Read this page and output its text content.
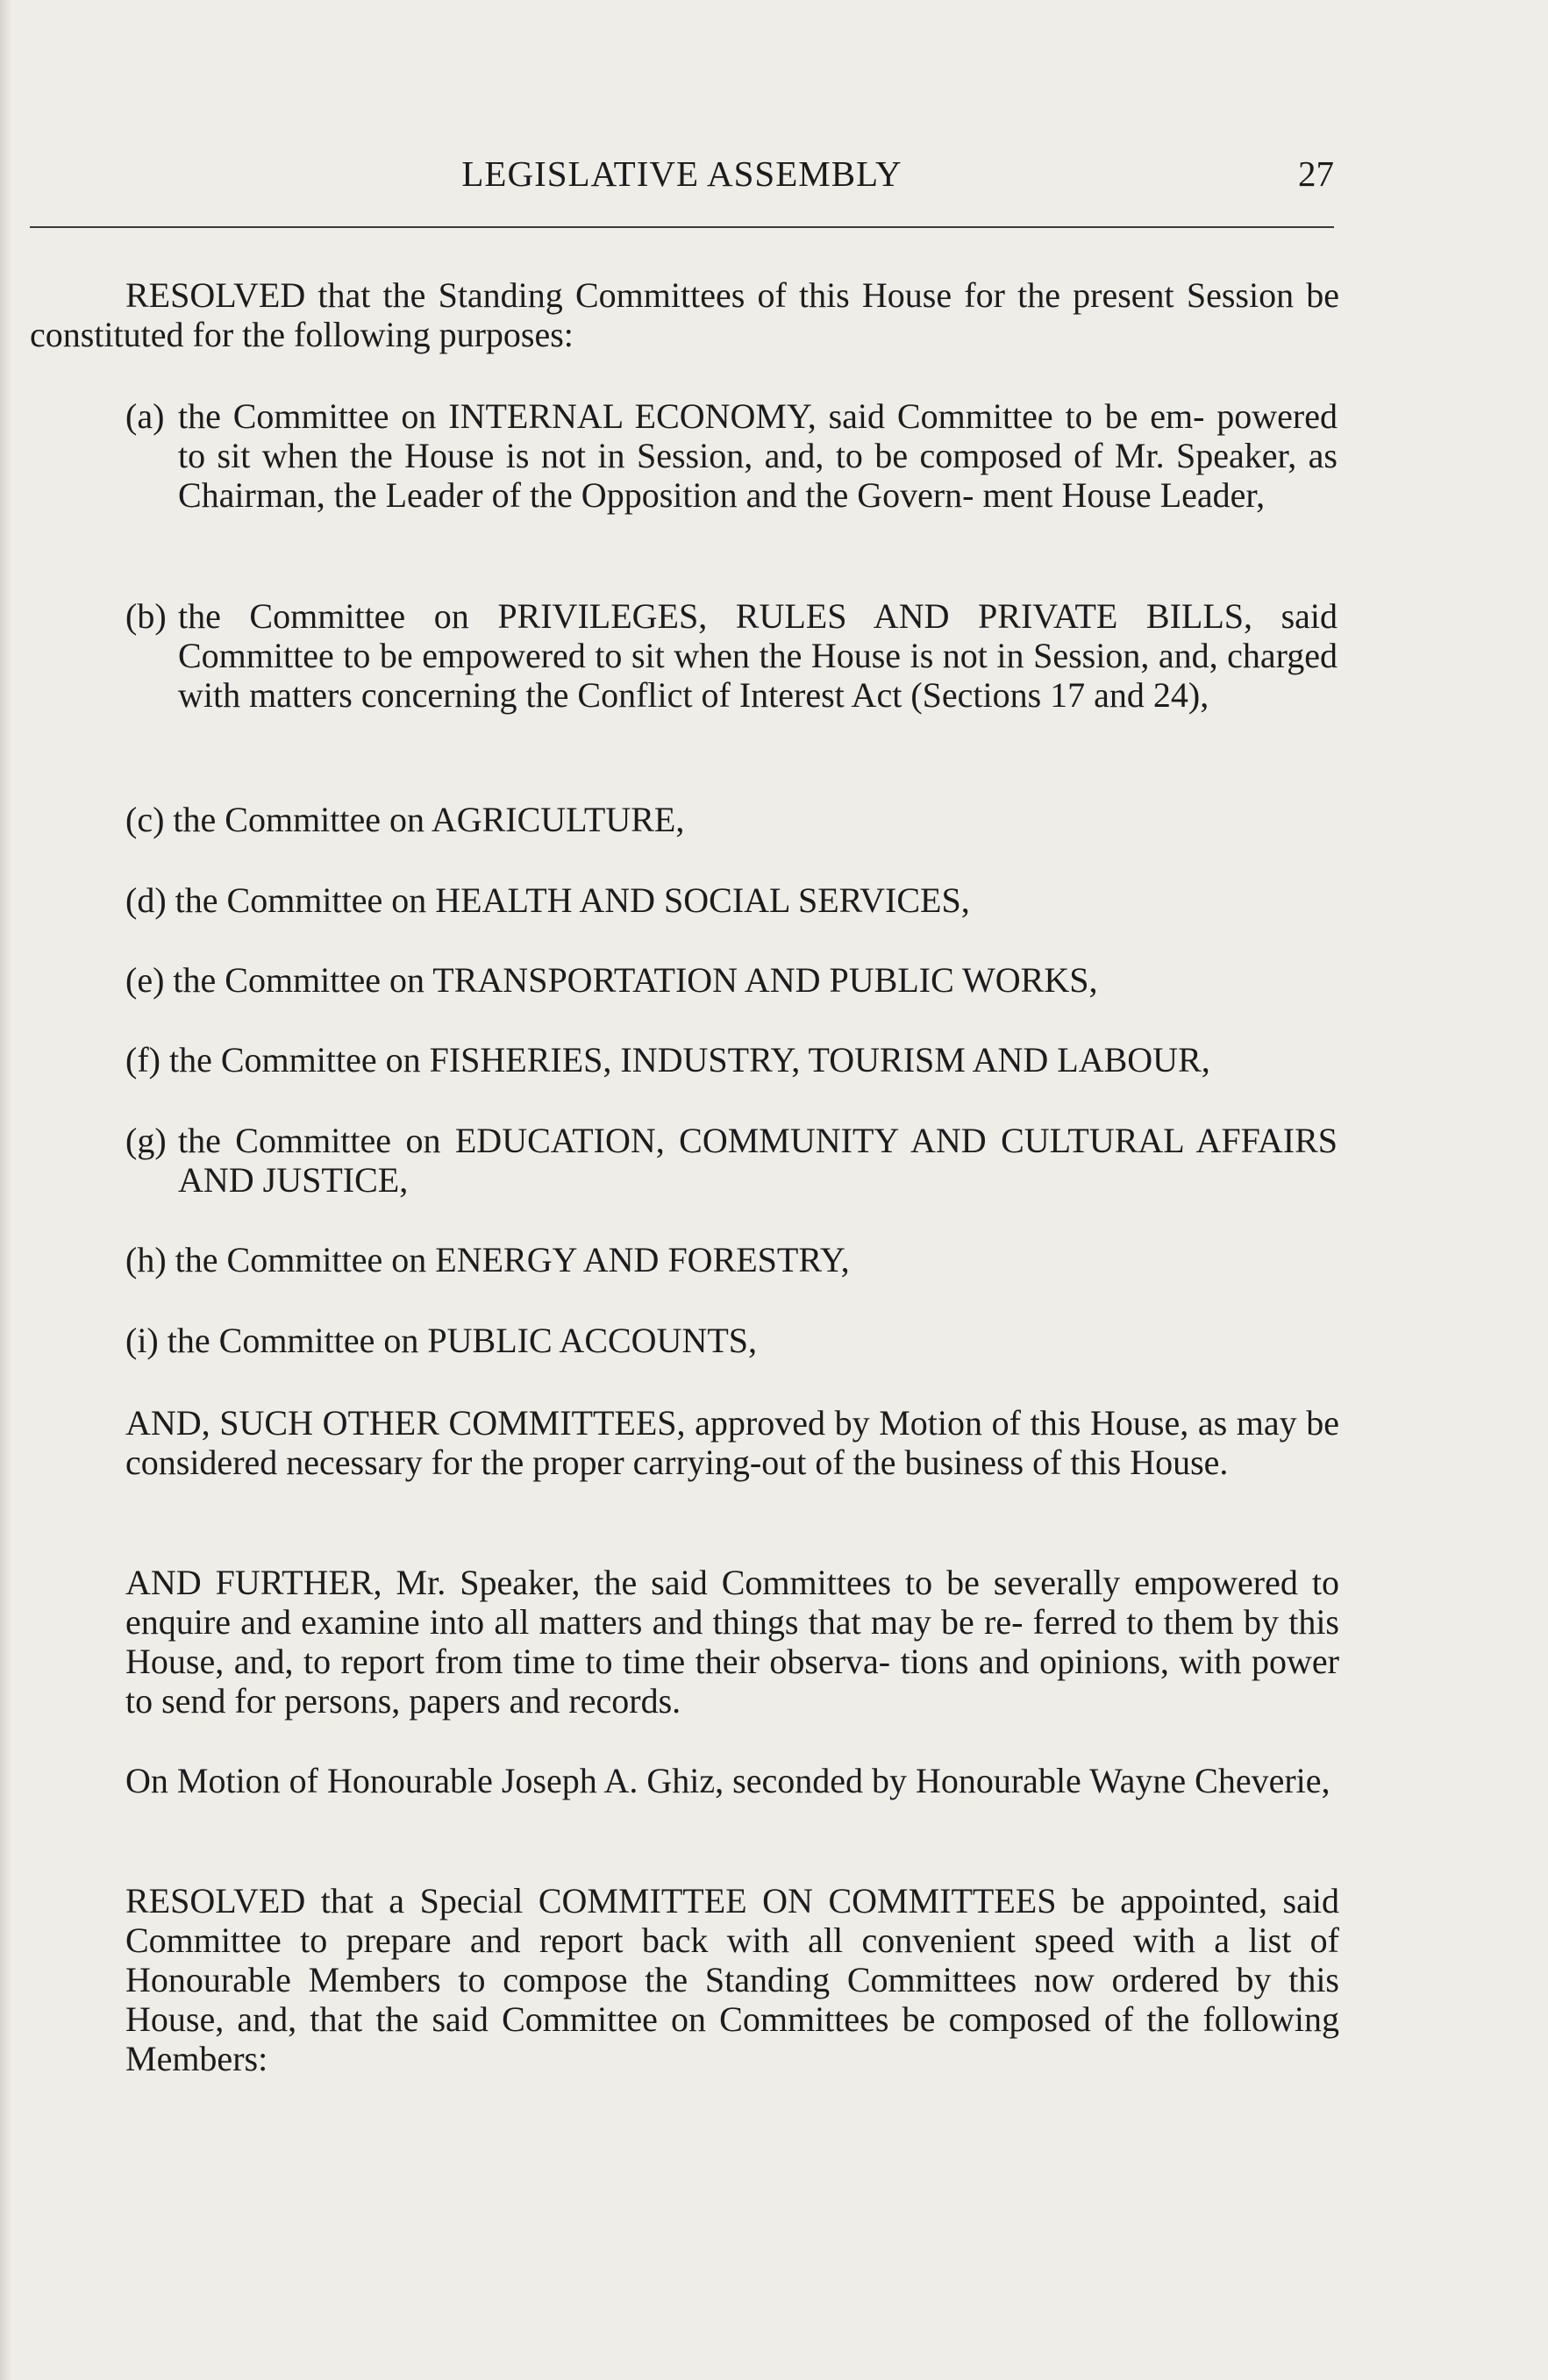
LEGISLATIVE ASSEMBLY	27
RESOLVED that the Standing Committees of this House for the present Session be constituted for the following purposes:
(a) the Committee on INTERNAL ECONOMY, said Committee to be em- powered to sit when the House is not in Session, and, to be composed of Mr. Speaker, as Chairman, the Leader of the Opposition and the Govern- ment House Leader,
(b) the Committee on PRIVILEGES, RULES AND PRIVATE BILLS, said Committee to be empowered to sit when the House is not in Session, and, charged with matters concerning the Conflict of Interest Act (Sections 17 and 24),
(c) the Committee on AGRICULTURE,
(d) the Committee on HEALTH AND SOCIAL SERVICES,
(e) the Committee on TRANSPORTATION AND PUBLIC WORKS,
(f) the Committee on FISHERIES, INDUSTRY, TOURISM AND LABOUR,
(g) the Committee on EDUCATION, COMMUNITY AND CULTURAL AFFAIRS AND JUSTICE,
(h) the Committee on ENERGY AND FORESTRY,
(i) the Committee on PUBLIC ACCOUNTS,
AND, SUCH OTHER COMMITTEES, approved by Motion of this House, as may be considered necessary for the proper carrying-out of the business of this House.
AND FURTHER, Mr. Speaker, the said Committees to be severally empowered to enquire and examine into all matters and things that may be re- ferred to them by this House, and, to report from time to time their observa- tions and opinions, with power to send for persons, papers and records.
On Motion of Honourable Joseph A. Ghiz, seconded by Honourable Wayne Cheverie,
RESOLVED that a Special COMMITTEE ON COMMITTEES be appointed, said Committee to prepare and report back with all convenient speed with a list of Honourable Members to compose the Standing Committees now ordered by this House, and, that the said Committee on Committees be composed of the following Members:
